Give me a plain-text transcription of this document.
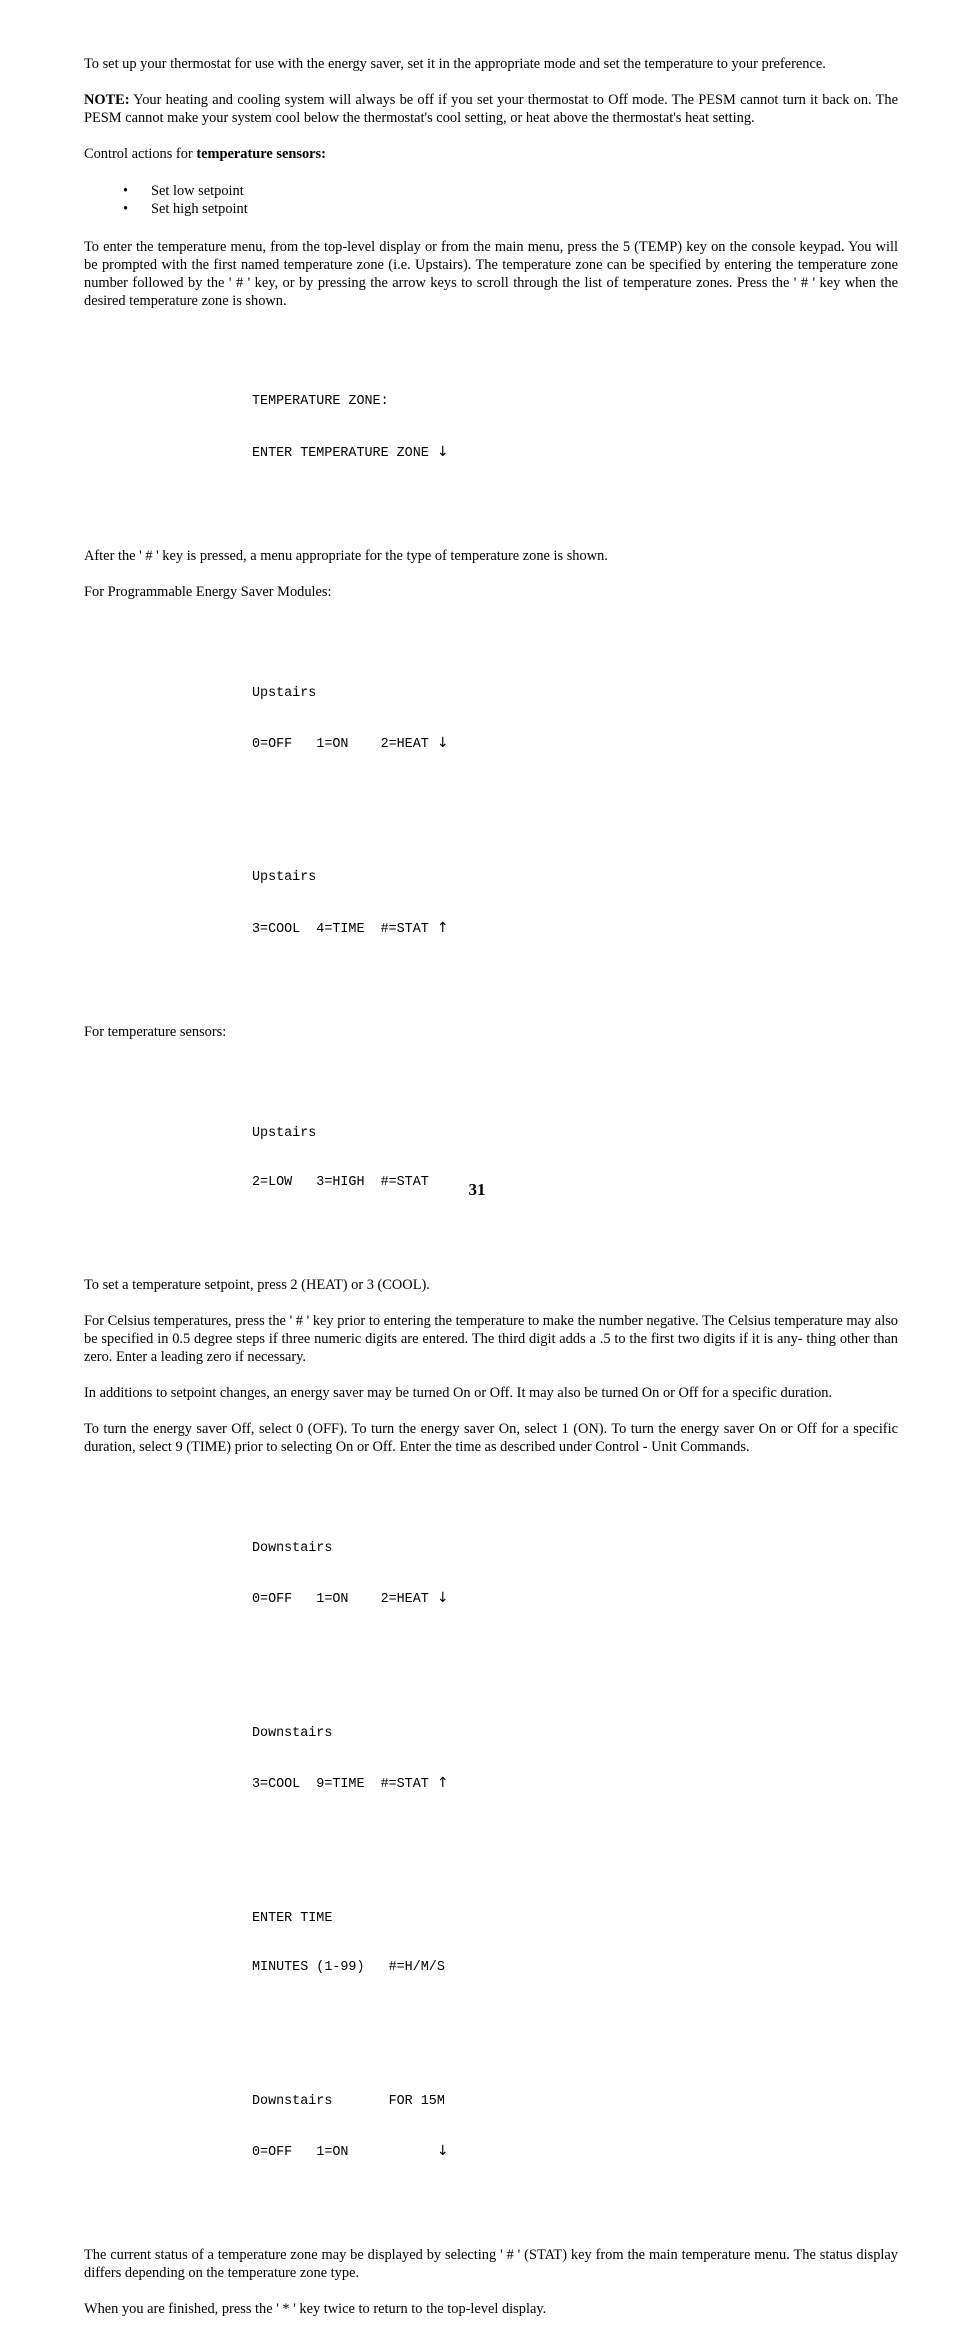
To set up your thermostat for use with the energy saver, set it in the appropriate mode and set the temperature to your preference.

NOTE: Your heating and cooling system will always be off if you set your thermostat to Off mode. The PESM cannot turn it back on. The PESM cannot make your system cool below the thermostat's cool setting, or heat above the thermostat's heat setting.

Control actions for temperature sensors:

• Set low setpoint
• Set high setpoint

To enter the temperature menu, from the top-level display or from the main menu, press the 5 (TEMP) key on the console keypad. You will be prompted with the first named temperature zone (i.e. Upstairs). The temperature zone can be specified by entering the temperature zone number followed by the ' # ' key, or by pressing the arrow keys to scroll through the list of temperature zones. Press the ' # ' key when the desired temperature zone is shown.

TEMPERATURE ZONE:

ENTER TEMPERATURE ZONE ↓

After the ' # ' key is pressed, a menu appropriate for the type of temperature zone is shown.

For Programmable Energy Saver Modules:

Upstairs

0=OFF   1=ON    2=HEAT ↓

Upstairs

3=COOL  4=TIME  #=STAT ↑

For temperature sensors:

Upstairs

2=LOW   3=HIGH  #=STAT

To set a temperature setpoint, press 2 (HEAT) or 3 (COOL).

For Celsius temperatures, press the ' # ' key prior to entering the temperature to make the number negative. The Celsius temperature may also be specified in 0.5 degree steps if three numeric digits are entered. The third digit adds a .5 to the first two digits if it is any- thing other than zero. Enter a leading zero if necessary.

In additions to setpoint changes, an energy saver may be turned On or Off. It may also be turned On or Off for a specific duration.

To turn the energy saver Off, select 0 (OFF). To turn the energy saver On, select 1 (ON). To turn the energy saver On or Off for a specific duration, select 9 (TIME) prior to selecting On or Off. Enter the time as described under Control - Unit Commands.

Downstairs

0=OFF   1=ON    2=HEAT ↓

Downstairs

3=COOL  9=TIME  #=STAT ↑

ENTER TIME

MINUTES (1-99)   #=H/M/S

Downstairs       FOR 15M

0=OFF   1=ON           ↓

The current status of a temperature zone may be displayed by selecting ' # ' (STAT) key from the main temperature menu. The status display differs depending on the temperature zone type.

When you are finished, press the ' * ' key twice to return to the top-level display.

31
